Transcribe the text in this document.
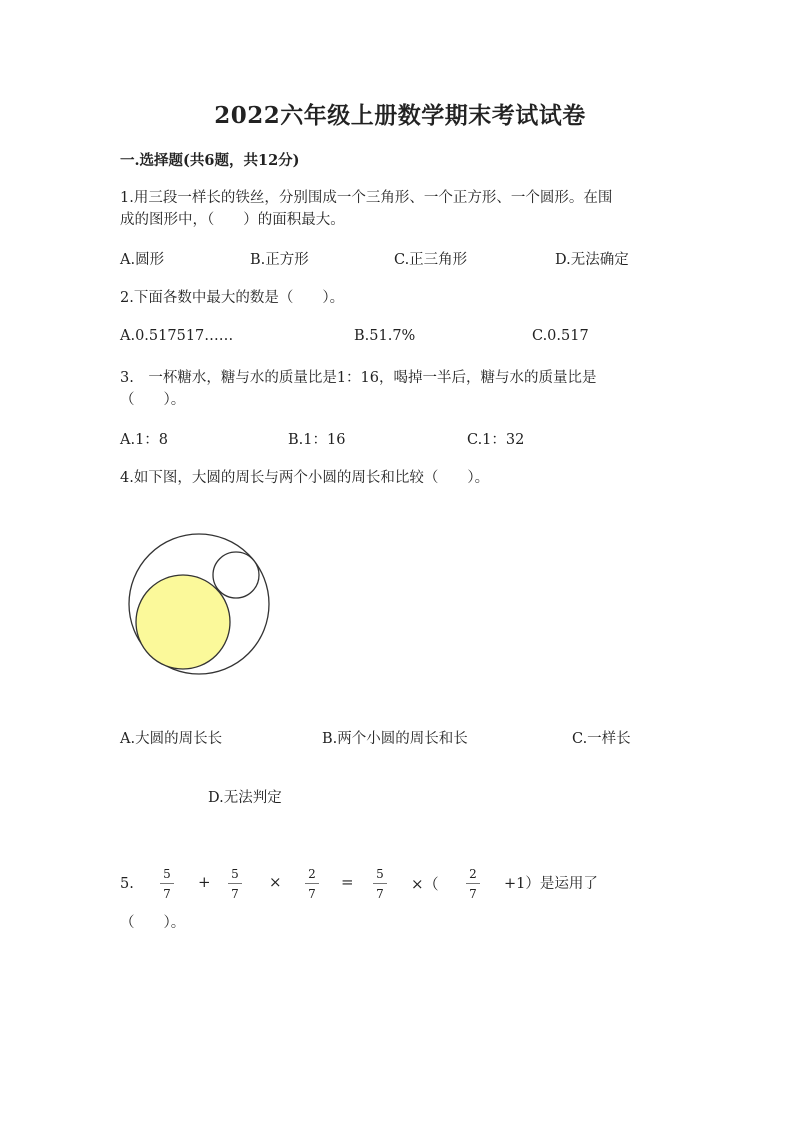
2022六年级上册数学期末考试试卷
一.选择题(共6题，共12分)
1.用三段一样长的铁丝，分别围成一个三角形、一个正方形、一个圆形。在围
成的图形中，（　　）的面积最大。
A.圆形	B.正方形	C.正三角形	D.无法确定
2.下面各数中最大的数是（　　）。
A.0.517517……	B.51.7%	C.0.517
3.　一杯糖水，糖与水的质量比是1：16，喝掉一半后，糖与水的质量比是
（　　）。
A.1：8	B.1：16	C.1：32
4.如下图，大圆的周长与两个小圆的周长和比较（　　）。
A.大圆的周长长	B.两个小圆的周长和长	C.一样长
D.无法判定
5.
5
7
+	5
7
×	2
7
=	5
7
×（
2
7
+1）是运用了
（　　）。
